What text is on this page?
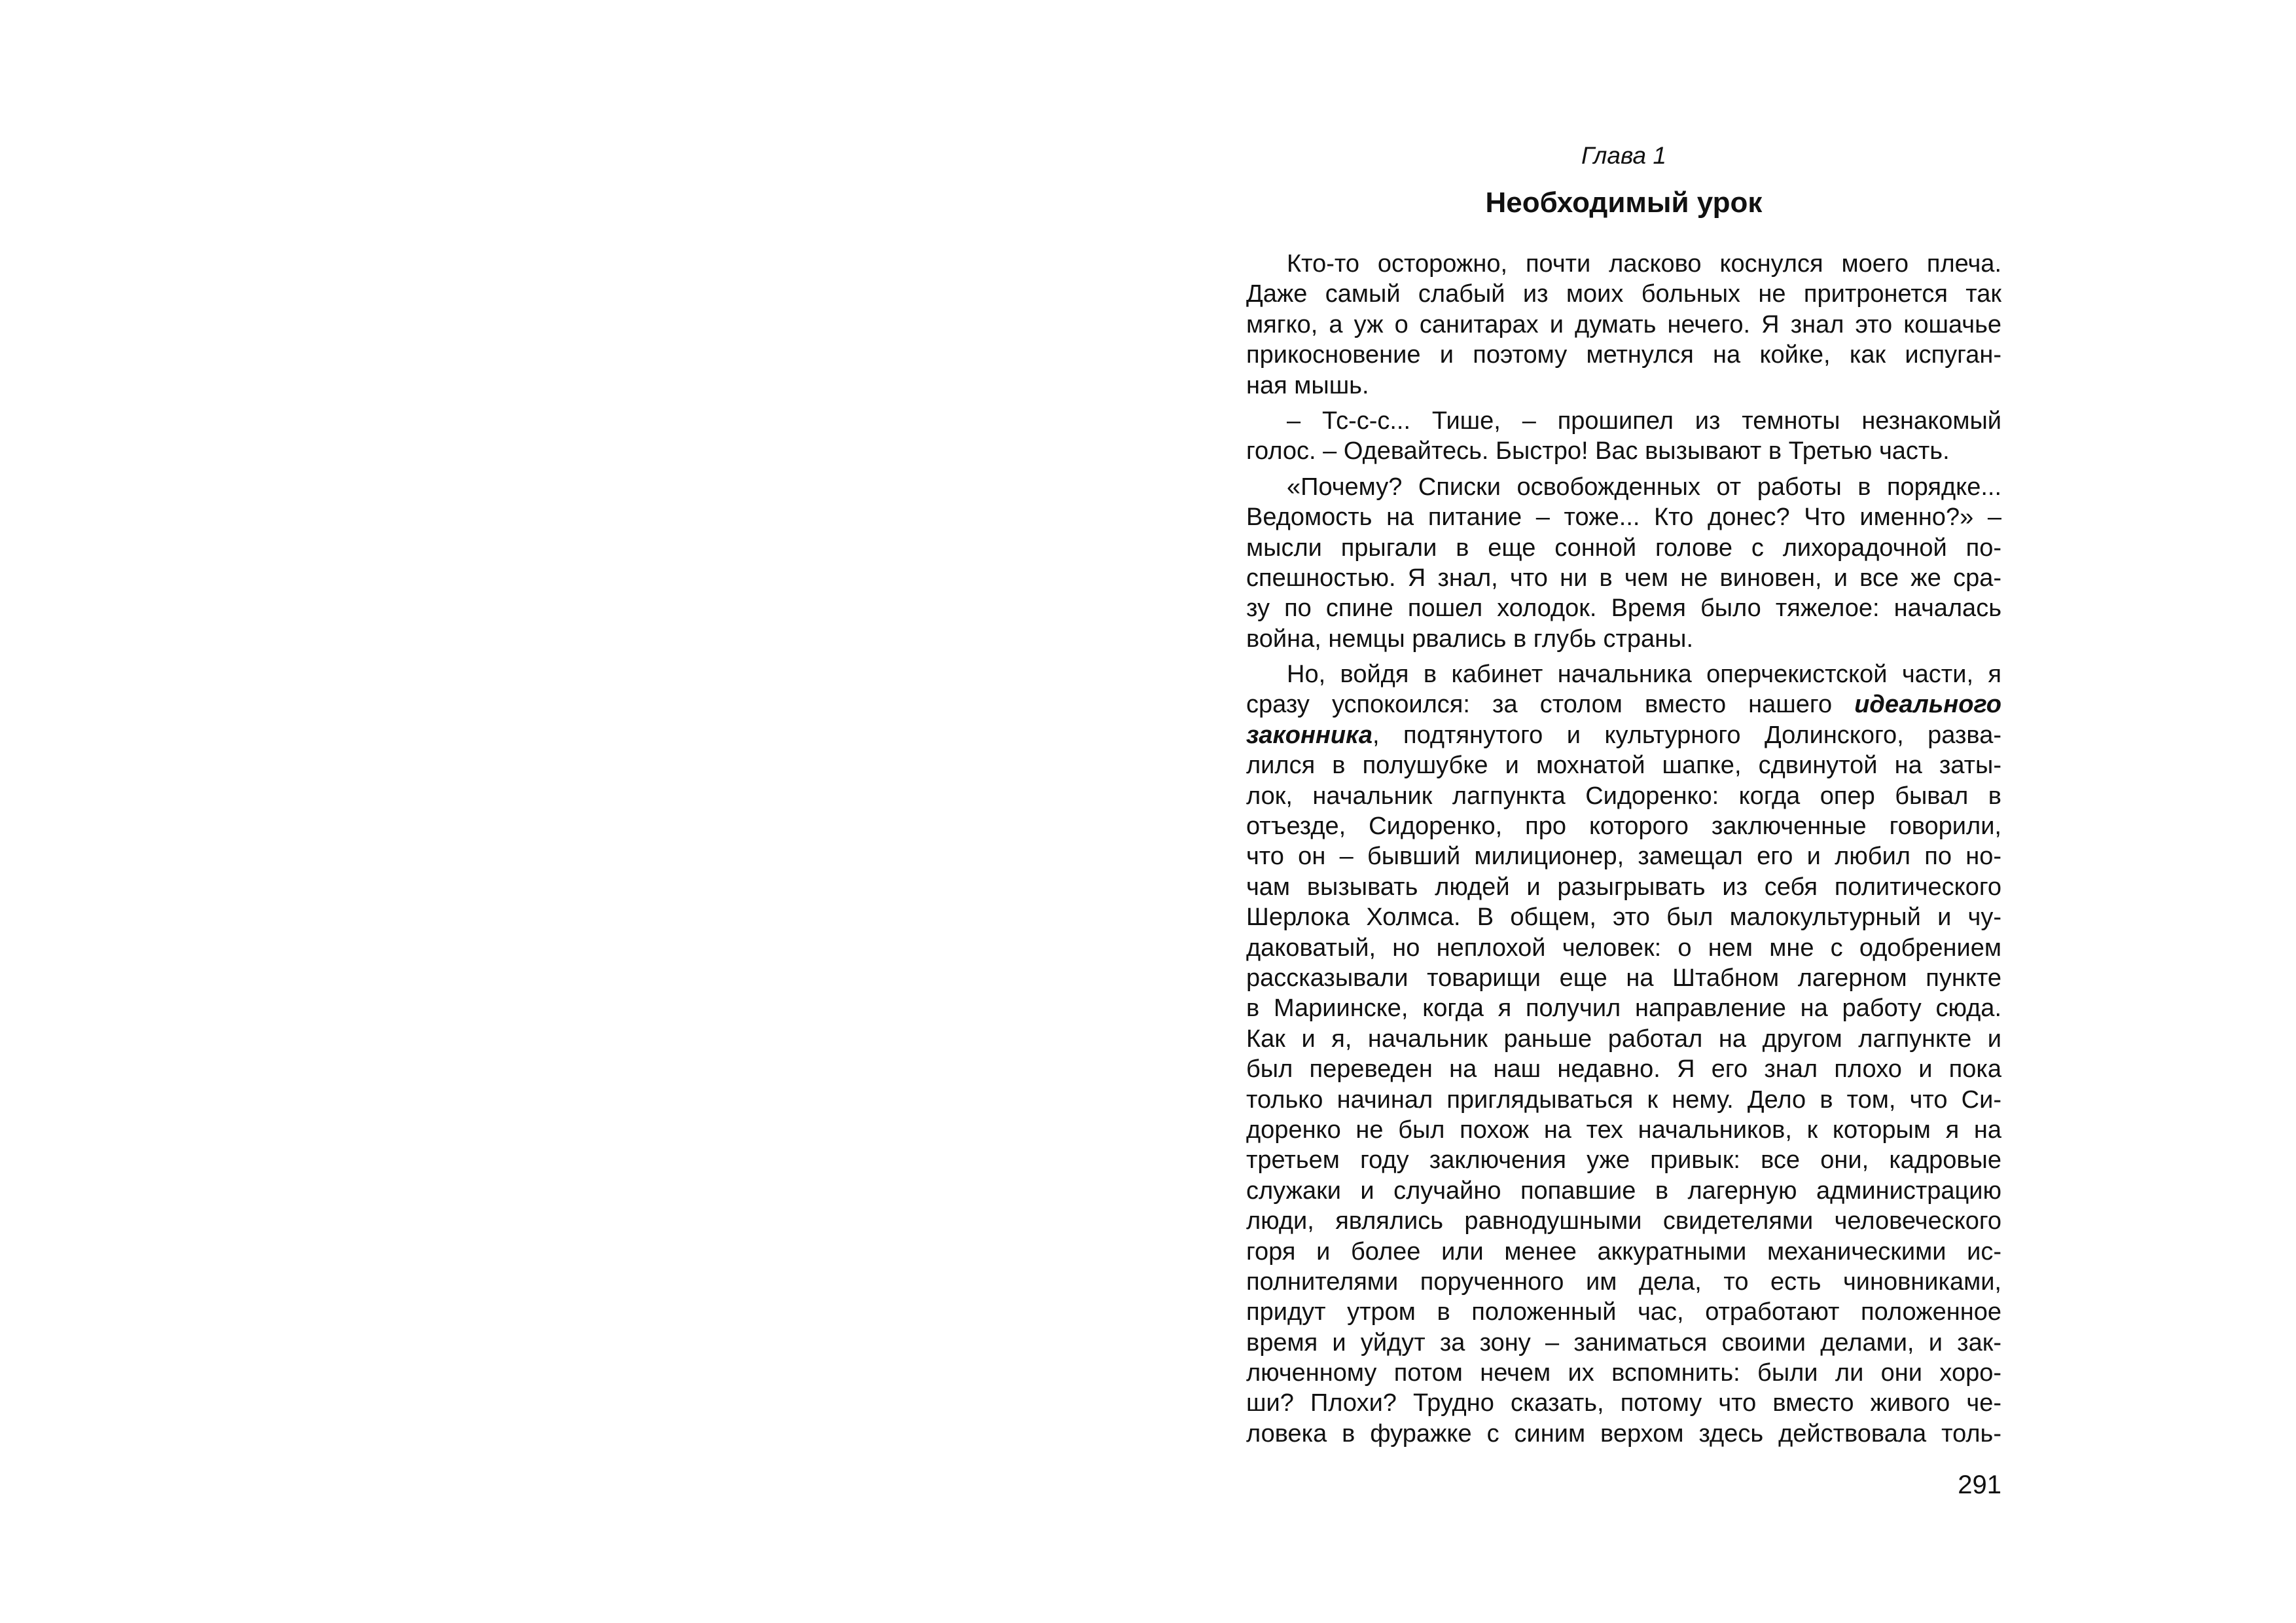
Глава 1
Необходимый урок
Кто-то осторожно, почти ласково коснулся моего плеча.
Даже самый слабый из моих больных не притронется так
мягко, а уж о санитарах и думать нечего. Я знал это кошачье
прикосновение и поэтому метнулся на койке, как испуган-
ная мышь.
– Тс-с-с... Тише, – прошипел из темноты незнакомый
голос. – Одевайтесь. Быстро! Вас вызывают в Третью часть.
«Почему? Списки освобожденных от работы в порядке...
Ведомость на питание – тоже... Кто донес? Что именно?» –
мысли прыгали в еще сонной голове с лихорадочной по-
спешностью. Я знал, что ни в чем не виновен, и все же сра-
зу по спине пошел холодок. Время было тяжелое: началась
война, немцы рвались в глубь страны.
Но, войдя в кабинет начальника оперчекистской части, я
сразу успокоился: за столом вместо нашего идеального
законника, подтянутого и культурного Долинского, разва-
лился в полушубке и мохнатой шапке, сдвинутой на заты-
лок, начальник лагпункта Сидоренко: когда опер бывал в
отъезде, Сидоренко, про которого заключенные говорили,
что он – бывший милиционер, замещал его и любил по но-
чам вызывать людей и разыгрывать из себя политического
Шерлока Холмса. В общем, это был малокультурный и чу-
даковатый, но неплохой человек: о нем мне с одобрением
рассказывали товарищи еще на Штабном лагерном пункте
в Мариинске, когда я получил направление на работу сюда.
Как и я, начальник раньше работал на другом лагпункте и
был переведен на наш недавно. Я его знал плохо и пока
только начинал приглядываться к нему. Дело в том, что Си-
доренко не был похож на тех начальников, к которым я на
третьем году заключения уже привык: все они, кадровые
служаки и случайно попавшие в лагерную администрацию
люди, являлись равнодушными свидетелями человеческого
горя и более или менее аккуратными механическими ис-
полнителями порученного им дела, то есть чиновниками,
придут утром в положенный час, отработают положенное
время и уйдут за зону – заниматься своими делами, и зак-
люченному потом нечем их вспомнить: были ли они хоро-
ши? Плохи? Трудно сказать, потому что вместо живого че-
ловека в фуражке с синим верхом здесь действовала толь-
291
